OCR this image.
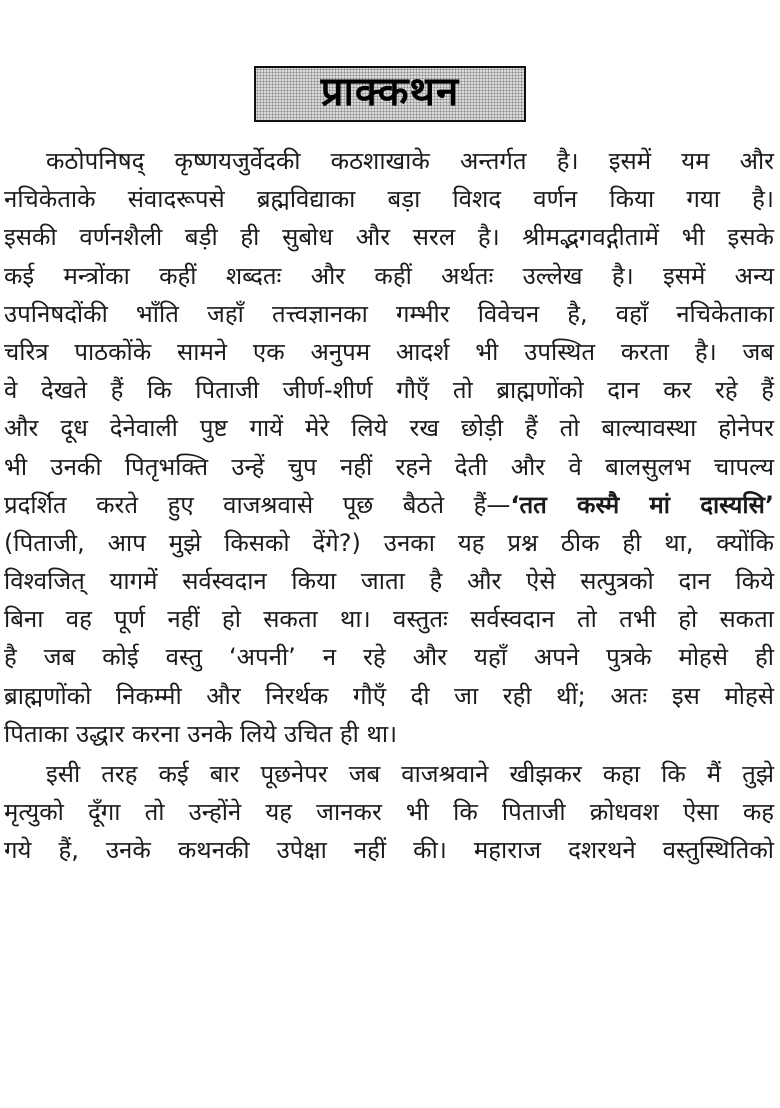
प्राक्कथन
कठोपनिषद् कृष्णयजुर्वेदकी कठशाखाके अन्तर्गत है। इसमें यम और
नचिकेताके संवादरूपसे ब्रह्मविद्याका बड़ा विशद वर्णन किया गया है।
इसकी वर्णनशैली बड़ी ही सुबोध और सरल है। श्रीमद्भगवद्गीतामें भी इसके
कई मन्त्रोंका कहीं शब्दतः और कहीं अर्थतः उल्लेख है। इसमें अन्य
उपनिषदोंकी भाँति जहाँ तत्त्वज्ञानका गम्भीर विवेचन है, वहाँ नचिकेताका
चरित्र पाठकोंके सामने एक अनुपम आदर्श भी उपस्थित करता है। जब
वे देखते हैं कि पिताजी जीर्ण-शीर्ण गौएँ तो ब्राह्मणोंको दान कर रहे हैं
और दूध देनेवाली पुष्ट गायें मेरे लिये रख छोड़ी हैं तो बाल्यावस्था होनेपर
भी उनकी पितृभक्ति उन्हें चुप नहीं रहने देती और वे बालसुलभ चापल्य
प्रदर्शित करते हुए वाजश्रवासे पूछ बैठते हैं—‘तत कस्मै मां दास्यसि’
(पिताजी, आप मुझे किसको देंगे?) उनका यह प्रश्न ठीक ही था, क्योंकि
विश्वजित् यागमें सर्वस्वदान किया जाता है और ऐसे सत्पुत्रको दान किये
बिना वह पूर्ण नहीं हो सकता था। वस्तुतः सर्वस्वदान तो तभी हो सकता
है जब कोई वस्तु ‘अपनी’ न रहे और यहाँ अपने पुत्रके मोहसे ही
ब्राह्मणोंको निकम्मी और निरर्थक गौएँ दी जा रही थीं; अतः इस मोहसे
पिताका उद्धार करना उनके लिये उचित ही था।
इसी तरह कई बार पूछनेपर जब वाजश्रवाने खीझकर कहा कि मैं तुझे
मृत्युको दूँगा तो उन्होंने यह जानकर भी कि पिताजी क्रोधवश ऐसा कह
गये हैं, उनके कथनकी उपेक्षा नहीं की। महाराज दशरथने वस्तुस्थितिको
